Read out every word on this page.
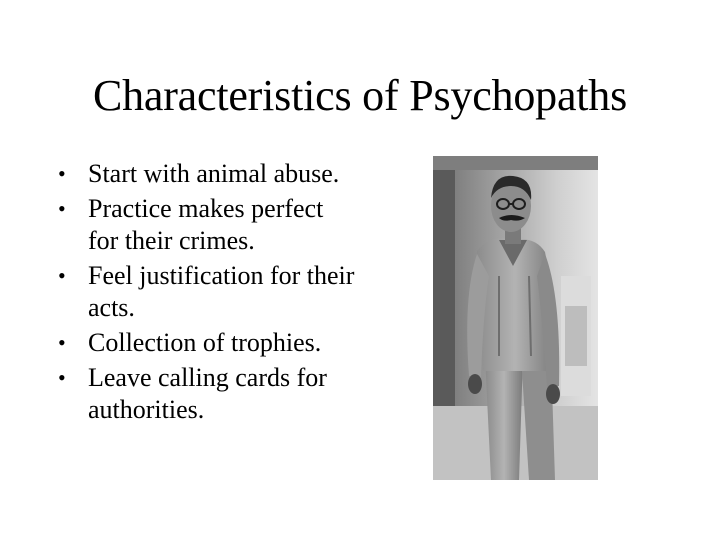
Characteristics of Psychopaths
• Start with animal abuse.
• Practice makes perfect for their crimes.
• Feel justification for their acts.
• Collection of trophies.
• Leave calling cards for authorities.
